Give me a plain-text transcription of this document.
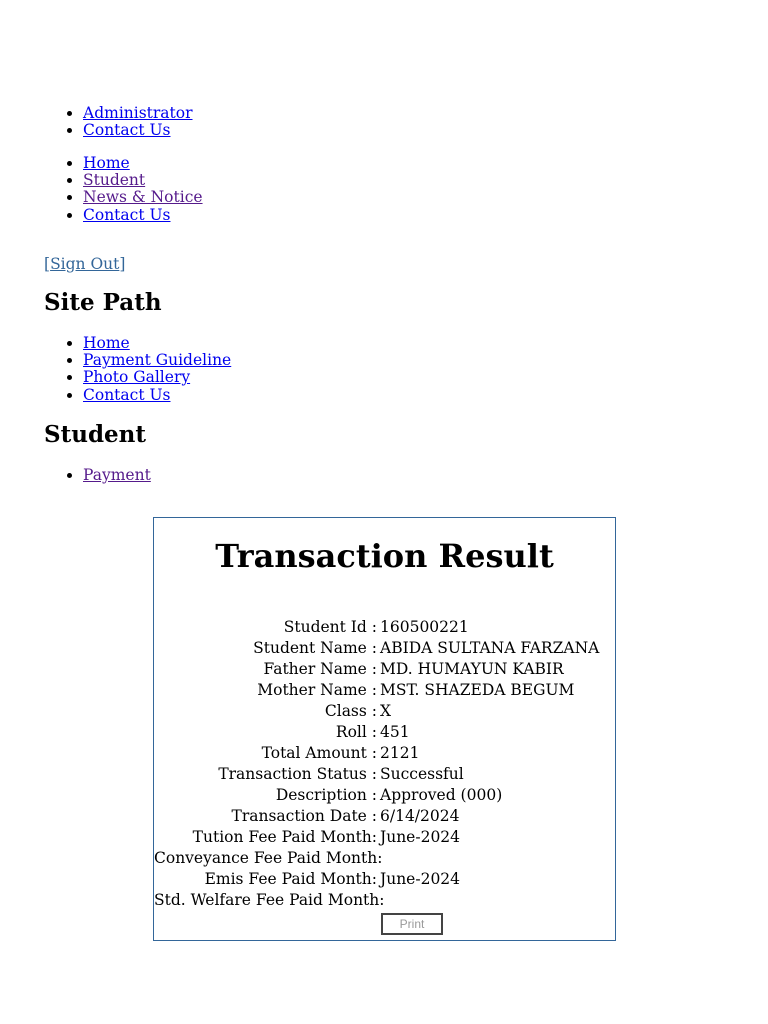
• Administrator
• Contact Us
• Home
• Student
• News & Notice
• Contact Us
[Sign Out]
Site Path
• Home
• Payment Guideline
• Photo Gallery
• Contact Us
Student
• Payment
Transaction Result
Student Id : 160500221
Student Name : ABIDA SULTANA FARZANA
Father Name : MD. HUMAYUN KABIR
Mother Name : MST. SHAZEDA BEGUM
Class : X
Roll : 451
Total Amount : 2121
Transaction Status : Successful
Description : Approved (000)
Transaction Date : 6/14/2024
Tution Fee Paid Month: June-2024
Conveyance Fee Paid Month:
Emis Fee Paid Month: June-2024
Std. Welfare Fee Paid Month:
Print
